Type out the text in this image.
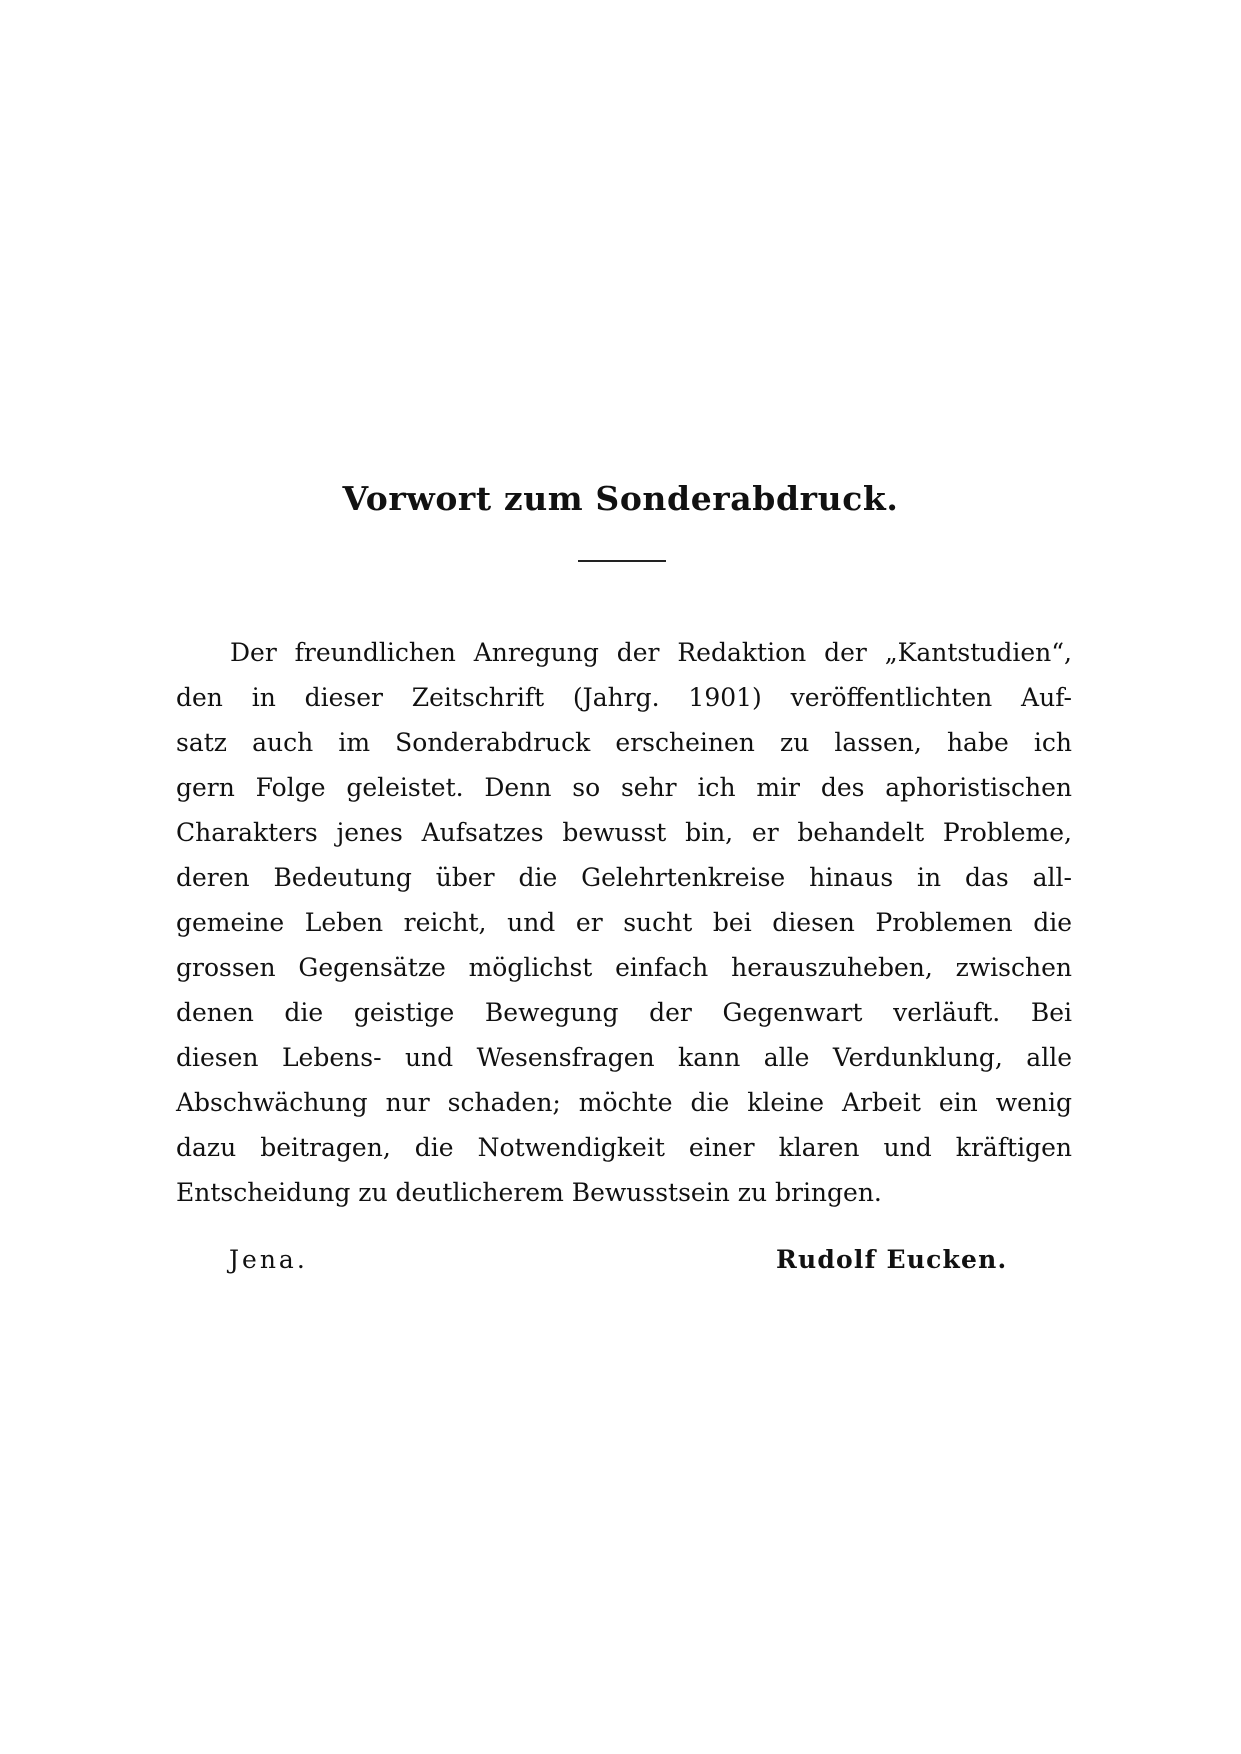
Vorwort zum Sonderabdruck.
Der freundlichen Anregung der Redaktion der „Kantstudien“,
den in dieser Zeitschrift (Jahrg. 1901) veröffentlichten Auf-
satz auch im Sonderabdruck erscheinen zu lassen, habe ich
gern Folge geleistet. Denn so sehr ich mir des aphoristischen
Charakters jenes Aufsatzes bewusst bin, er behandelt Probleme,
deren Bedeutung über die Gelehrtenkreise hinaus in das all-
gemeine Leben reicht, und er sucht bei diesen Problemen die
grossen Gegensätze möglichst einfach herauszuheben, zwischen
denen die geistige Bewegung der Gegenwart verläuft. Bei
diesen Lebens- und Wesensfragen kann alle Verdunklung, alle
Abschwächung nur schaden; möchte die kleine Arbeit ein wenig
dazu beitragen, die Notwendigkeit einer klaren und kräftigen
Entscheidung zu deutlicherem Bewusstsein zu bringen.
Jena.	Rudolf Eucken.
